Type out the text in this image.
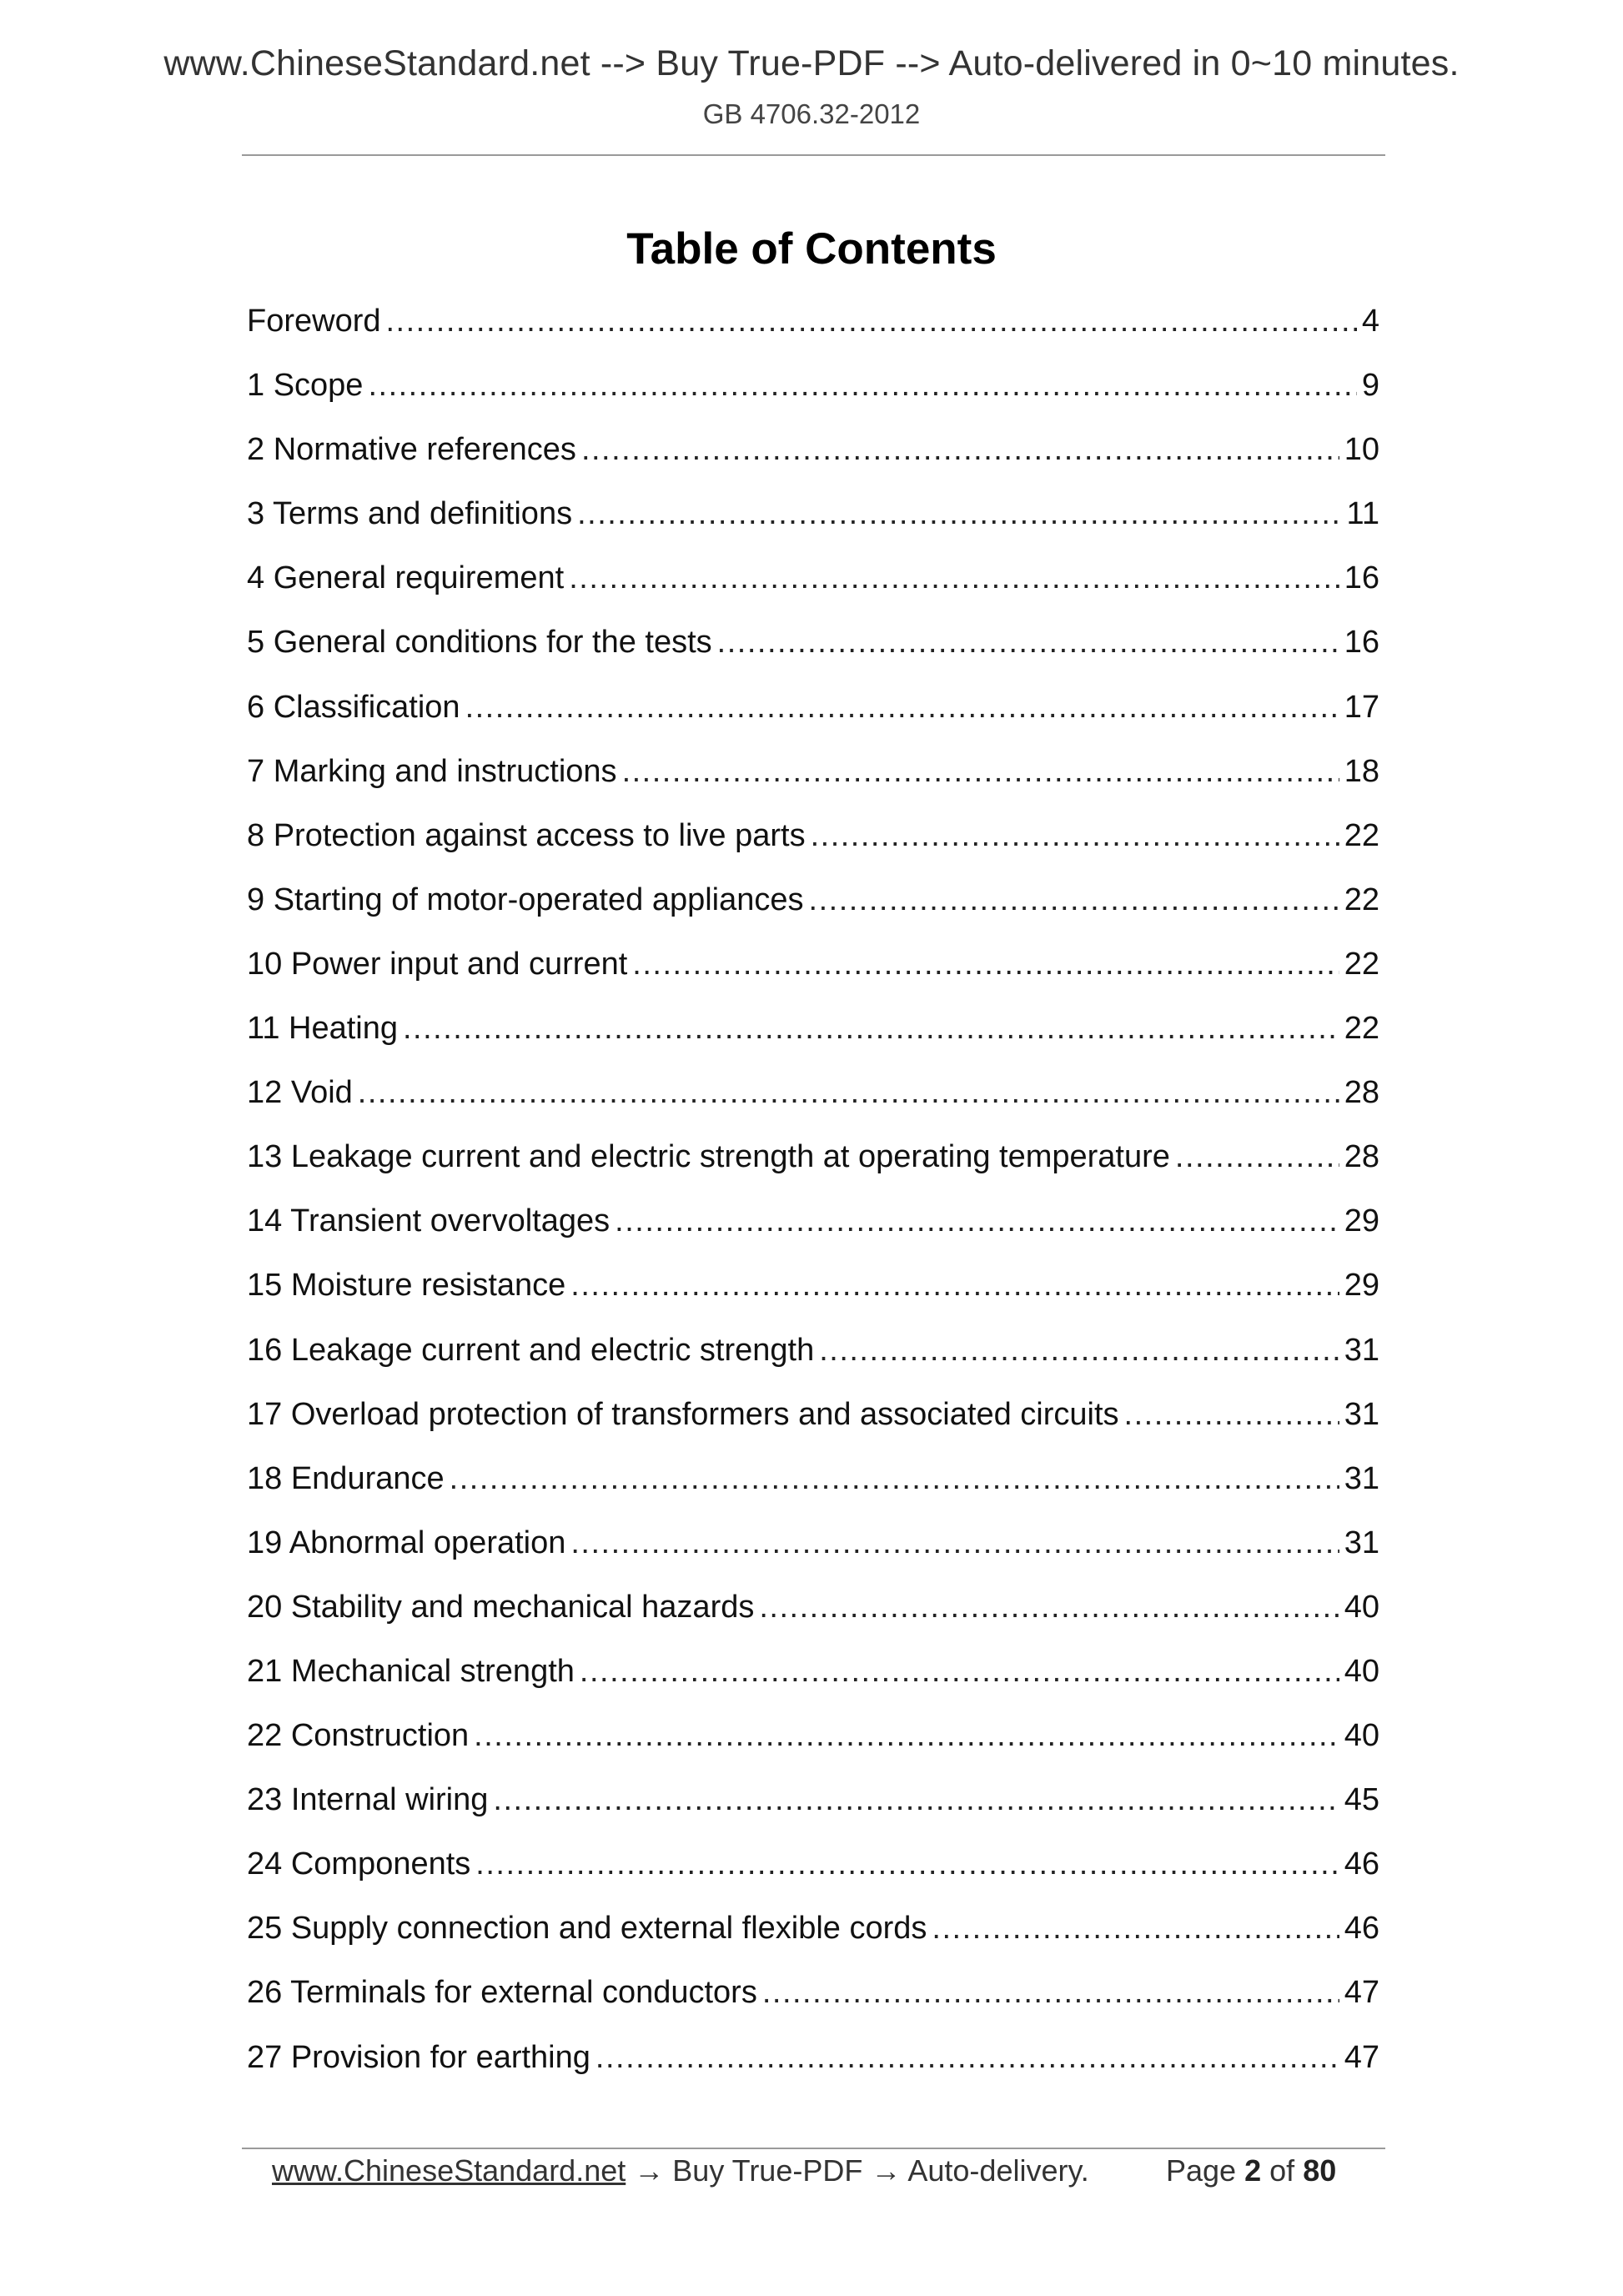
www.ChineseStandard.net --> Buy True-PDF --> Auto-delivered in 0~10 minutes.
GB 4706.32-2012
Table of Contents
Foreword .....	4
1 Scope .....	9
2 Normative references .....	10
3 Terms and definitions .....	11
4 General requirement .....	16
5 General conditions for the tests .....	16
6 Classification .....	17
7 Marking and instructions .....	18
8 Protection against access to live parts .....	22
9 Starting of motor-operated appliances .....	22
10 Power input and current .....	22
11 Heating .....	22
12 Void .....	28
13 Leakage current and electric strength at operating temperature .....	28
14 Transient overvoltages .....	29
15 Moisture resistance .....	29
16 Leakage current and electric strength .....	31
17 Overload protection of transformers and associated circuits .....	31
18 Endurance .....	31
19 Abnormal operation .....	31
20 Stability and mechanical hazards .....	40
21 Mechanical strength .....	40
22 Construction .....	40
23 Internal wiring .....	45
24 Components .....	46
25 Supply connection and external flexible cords .....	46
26 Terminals for external conductors .....	47
27 Provision for earthing .....	47
www.ChineseStandard.net → Buy True-PDF → Auto-delivery.	Page 2 of 80
